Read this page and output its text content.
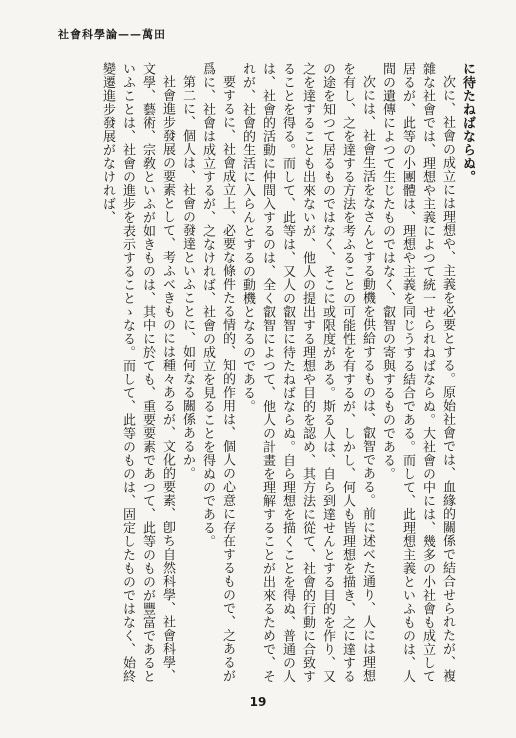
社會科學論——萬田

に待たねばならぬ。

次に、社會の成立には理想や、主義を必要とする。原始社會では、血緣的關係で結合せられたが、複雜な社會では、理想や主義によつて統一せられねばならぬ。大社會の中には、幾多の小社會も成立して居るが、此等の小團體は、理想や主義を同じうする結合である。而して、此理想主義といふものは、人間の遺傳によつて生じたものではなく、叡智の寄與するものである。

次には、社會生活をなさんとする動機を供給するものは、叡智である。前に述べた通り、人には理想を有し、之を達する方法を考ふることの可能性を有するが、しかし、何人も皆理想を描き、之に達するの途を知つて居るものではなく、そこに或限度がある。斯る人は、自ら到達せんとする目的を作り、又之を達することも出來ないが、他人の提出する理想や目的を認め、其方法に從て、社會的行動に合致することを得る。而して、此等は、又人の叡智に待たねばならぬ。自ら理想を描くことを得ぬ、普通の人は、社會的活動に仲間入するのは、全く叡智によつて、他人の計畫を理解することが出來るためで、それが、社會的生活に入らんとするの動機となるのである。

要するに、社會成立上、必要な條件たる情的、知的作用は、個人の心意に存在するもので、之あるが爲に、社會は成立するが、之なければ、社會の成立を見ることを得ぬのである。

第二に、個人は、社會の發達といふことに、如何なる關係あるか。

社會進步發展の要素として、考ふべきものには種々あるが、文化的要素、卽ち自然科學、社會科學、文學、藝術、宗敎といふが如きものは、其中に於ても、重要要素であつて、此等のものが豐富であるといふことは、社會の進步を表示することゝなる。而して、此等のものは、固定したものではなく、始終變遷進步發展がなければ、

19
